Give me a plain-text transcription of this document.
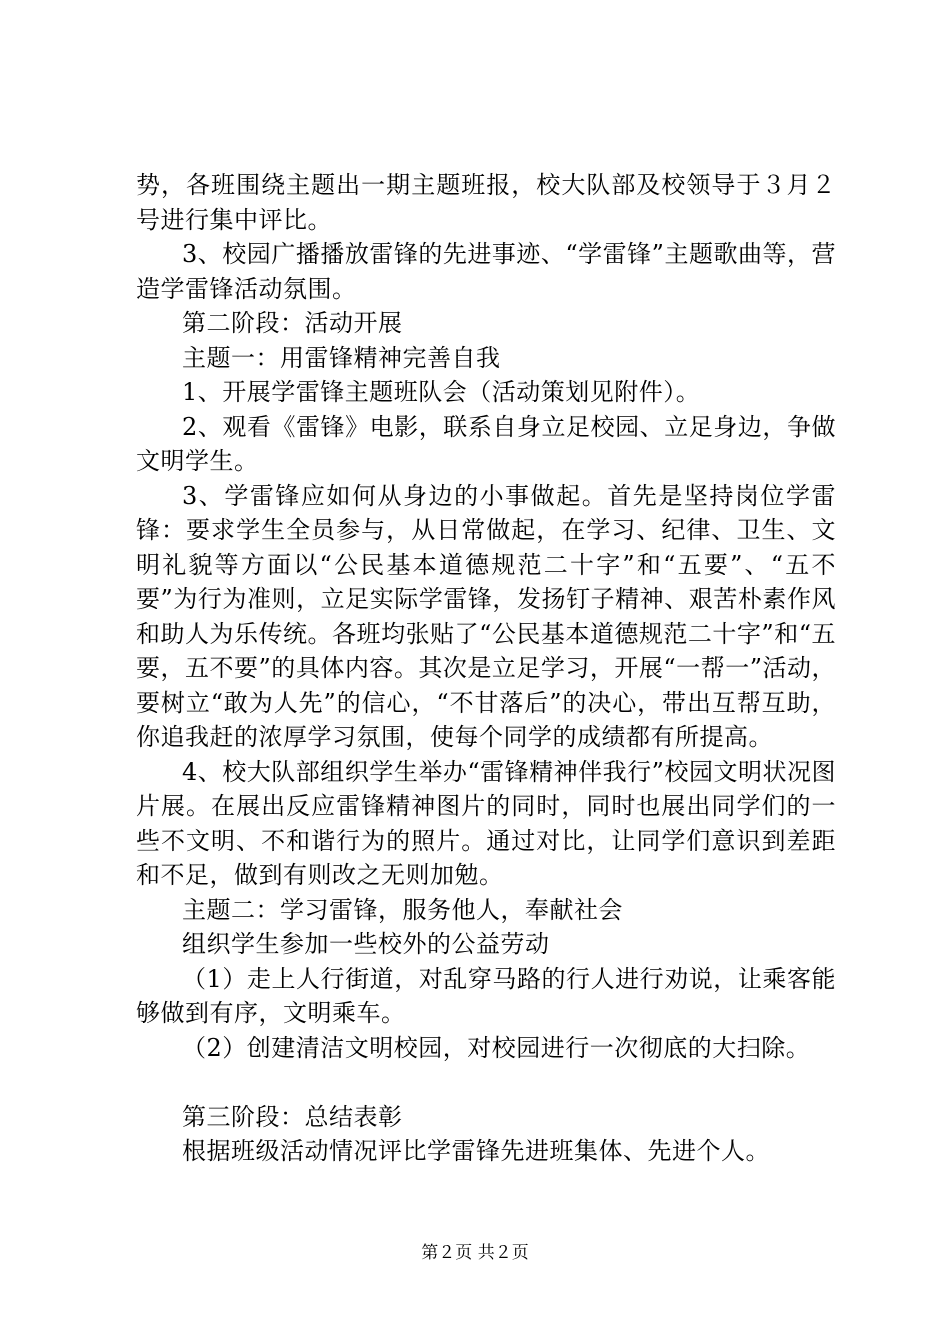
势，各班围绕主题出一期主题班报，校大队部及校领导于３月２号进行集中评比。

3、校园广播播放雷锋的先进事迹、“学雷锋”主题歌曲等，营造学雷锋活动氛围。

第二阶段：活动开展

主题一：用雷锋精神完善自我

1、开展学雷锋主题班队会（活动策划见附件）。

2、观看《雷锋》电影，联系自身立足校园、立足身边，争做文明学生。

3、学雷锋应如何从身边的小事做起。首先是坚持岗位学雷锋：要求学生全员参与，从日常做起，在学习、纪律、卫生、文明礼貌等方面以“公民基本道德规范二十字”和“五要”、“五不要”为行为准则，立足实际学雷锋，发扬钉子精神、艰苦朴素作风和助人为乐传统。各班均张贴了“公民基本道德规范二十字”和“五要，五不要”的具体内容。其次是立足学习，开展“一帮一”活动，要树立“敢为人先”的信心，“不甘落后”的决心，带出互帮互助，你追我赶的浓厚学习氛围，使每个同学的成绩都有所提高。

4、校大队部组织学生举办“雷锋精神伴我行”校园文明状况图片展。在展出反应雷锋精神图片的同时，同时也展出同学们的一些不文明、不和谐行为的照片。通过对比，让同学们意识到差距和不足，做到有则改之无则加勉。

主题二：学习雷锋，服务他人，奉献社会

组织学生参加一些校外的公益劳动

（1）走上人行街道，对乱穿马路的行人进行劝说，让乘客能够做到有序，文明乘车。

（2）创建清洁文明校园，对校园进行一次彻底的大扫除。

第三阶段：总结表彰

根据班级活动情况评比学雷锋先进班集体、先进个人。

第２页 共２页
